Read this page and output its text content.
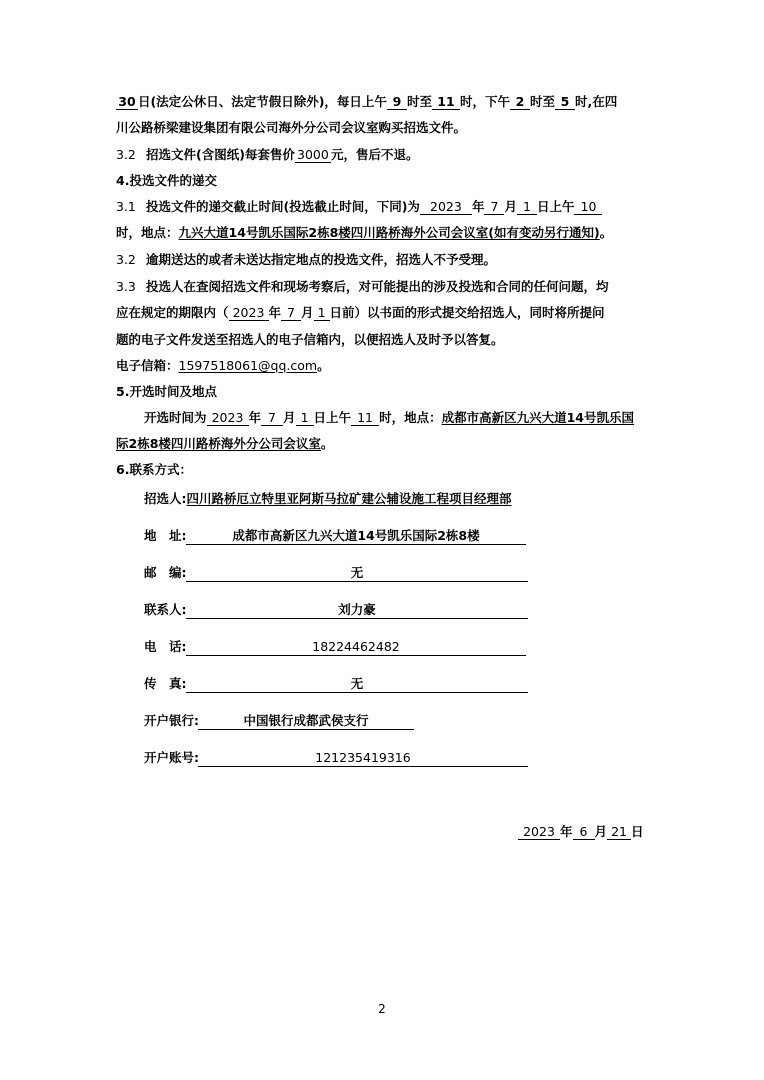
30 日(法定公休日、法定节假日除外)，每日上午 9 时至 11 时，下午 2 时至 5 时,在四
川公路桥梁建设集团有限公司海外分公司会议室购买招选文件。
3.2 招选文件(含图纸)每套售价 3000 元，售后不退。
4.投选文件的递交
3.1 投选文件的递交截止时间(投选截止时间，下同)为 2023 年 7 月 1 日上午 10
时，地点：九兴大道14号凯乐国际2栋8楼四川路桥海外公司会议室(如有变动另行通知)。
3.2 逾期送达的或者未送达指定地点的投选文件，招选人不予受理。
3.3 投选人在查阅招选文件和现场考察后，对可能提出的涉及投选和合同的任何问题，均
应在规定的期限内（ 2023 年 7 月 1 日前）以书面的形式提交给招选人，同时将所提问
题的电子文件发送至招选人的电子信箱内，以便招选人及时予以答复。
电子信箱：1597518061@qq.com。
5.开选时间及地点
开选时间为 2023 年 7 月 1 日上午 11 时，地点：成都市高新区九兴大道14号凯乐国
际2栋8楼四川路桥海外分公司会议室。
6.联系方式：
招选人:四川路桥厄立特里亚阿斯马拉矿建公辅设施工程项目经理部
地　址:	成都市高新区九兴大道14号凯乐国际2栋8楼
邮　编:	无
联系人:	刘力豪
电　话:	18224462482
传　真:	无
开户银行:	中国银行成都武侯支行
开户账号:	121235419316
2023 年 6 月 21 日
2
